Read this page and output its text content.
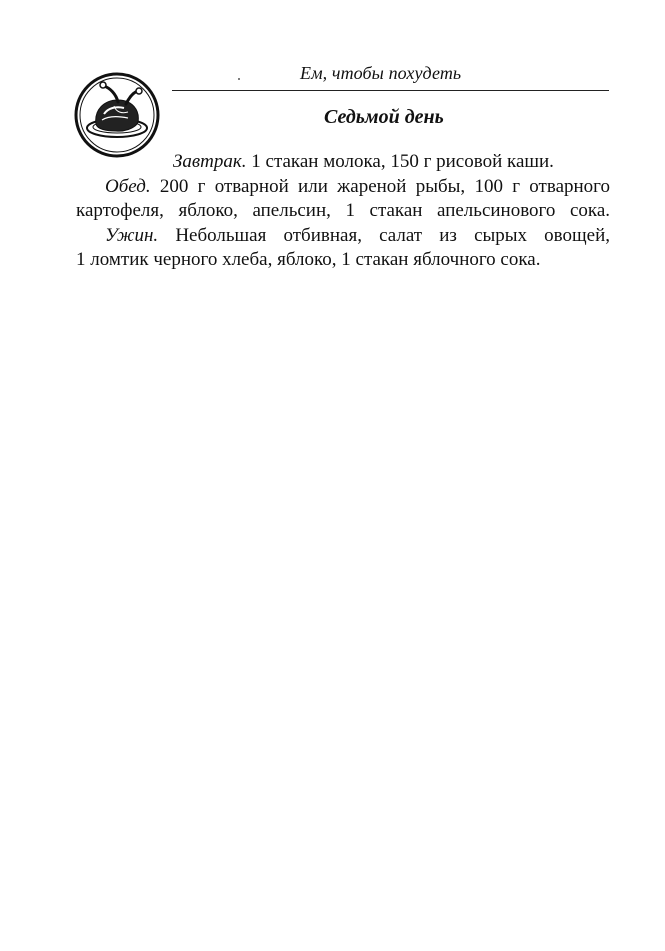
Ем, чтобы похудеть
Седьмой день
Завтрак. 1 стакан молока, 150 г рисовой каши.
Обед. 200 г отварной или жареной рыбы, 100 г отварного
картофеля, яблоко, апельсин, 1 стакан апельсинового сока.
Ужин. Небольшая отбивная, салат из сырых овощей,
1 ломтик черного хлеба, яблоко, 1 стакан яблочного сока.
